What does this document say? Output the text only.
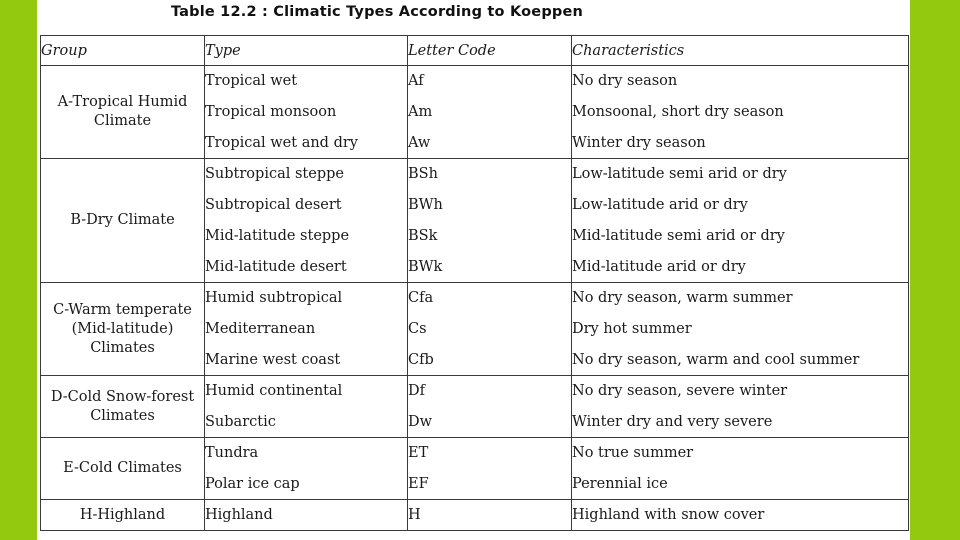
Table 12.2 : Climatic Types According to Koeppen
Group	Type	Letter Code	Characteristics
A-Tropical Humid Climate	Tropical wet	Af	No dry season
	Tropical monsoon	Am	Monsoonal, short dry season
	Tropical wet and dry	Aw	Winter dry season
B-Dry Climate	Subtropical steppe	BSh	Low-latitude semi arid or dry
	Subtropical desert	BWh	Low-latitude arid or dry
	Mid-latitude steppe	BSk	Mid-latitude semi arid or dry
	Mid-latitude desert	BWk	Mid-latitude arid or dry
C-Warm temperate (Mid-latitude) Climates	Humid subtropical	Cfa	No dry season, warm summer
	Mediterranean	Cs	Dry hot summer
	Marine west coast	Cfb	No dry season, warm and cool summer
D-Cold Snow-forest Climates	Humid continental	Df	No dry season, severe winter
	Subarctic	Dw	Winter dry and very severe
E-Cold Climates	Tundra	ET	No true summer
	Polar ice cap	EF	Perennial ice
H-Highland	Highland	H	Highland with snow cover
